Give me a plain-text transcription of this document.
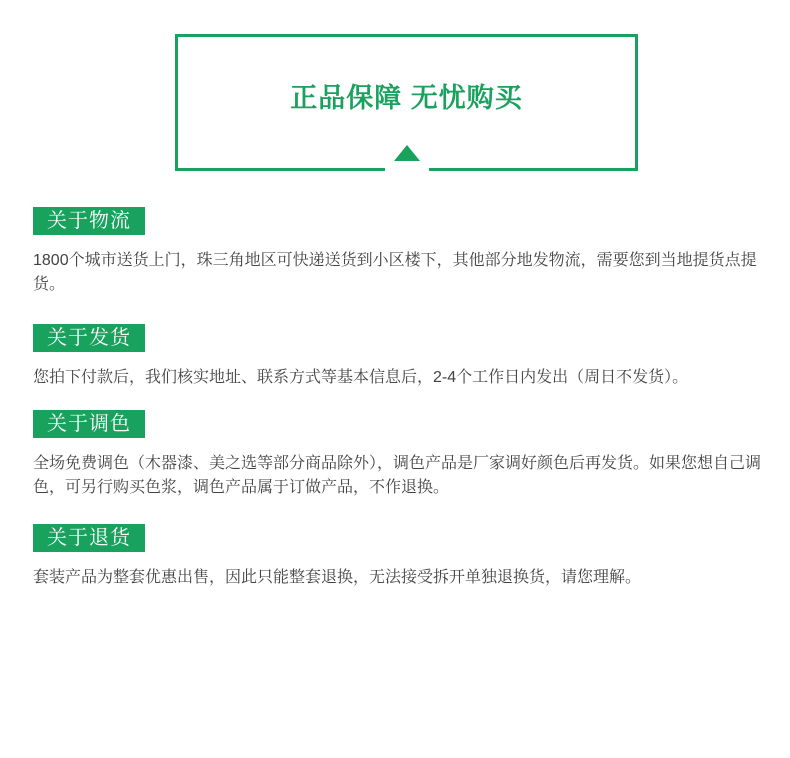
正品保障 无忧购买
关于物流

1800个城市送货上门，珠三角地区可快递送货到小区楼下，其他部分地发物流，需要您到当地提货点提货。

关于发货

您拍下付款后，我们核实地址、联系方式等基本信息后，2-4个工作日内发出（周日不发货）。

关于调色

全场免费调色（木器漆、美之选等部分商品除外），调色产品是厂家调好颜色后再发货。如果您想自己调色，可另行购买色浆，调色产品属于订做产品，不作退换。

关于退货

套装产品为整套优惠出售，因此只能整套退换，无法接受拆开单独退换货，请您理解。
